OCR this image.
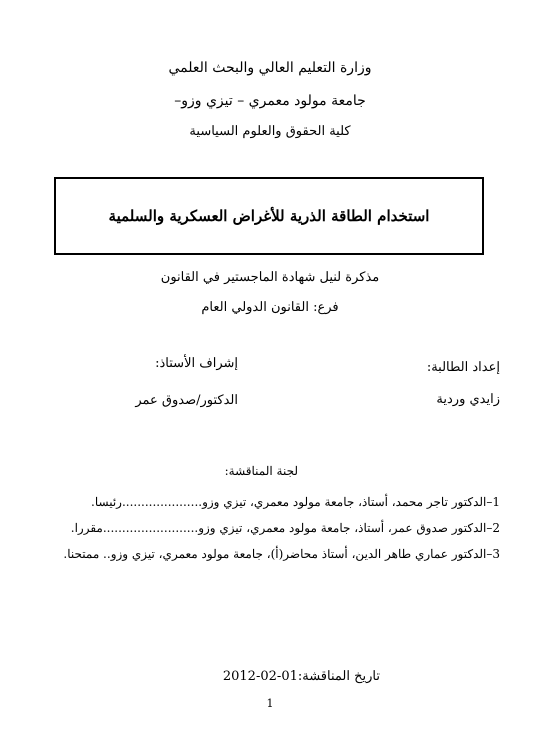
وزارة التعليم العالي والبحث العلمي
جامعة مولود معمري – تيزي وزو–
كلية الحقوق والعلوم السياسية
استخدام الطاقة الذرية للأغراض العسكرية والسلمية
مذكرة لنيل شهادة الماجستير في القانون
فرع: القانون الدولي العام
إعداد الطالبة:
زايدي وردية
إشراف الأستاذ:
الدكتور/صدوق عمر
لجنة المناقشة:
1–الدكتور تاجر محمد، أستاذ، جامعة مولود معمري، تيزي وزو.....................رئيسا.
2–الدكتور صدوق عمر، أستاذ، جامعة مولود معمري، تيزي وزو.........................مقررا.
3–الدكتور عماري طاهر الدين، أستاذ محاضر(أ)، جامعة مولود معمري، تيزي وزو.. ممتحنا.
تاريخ المناقشة:01-02-2012
1
